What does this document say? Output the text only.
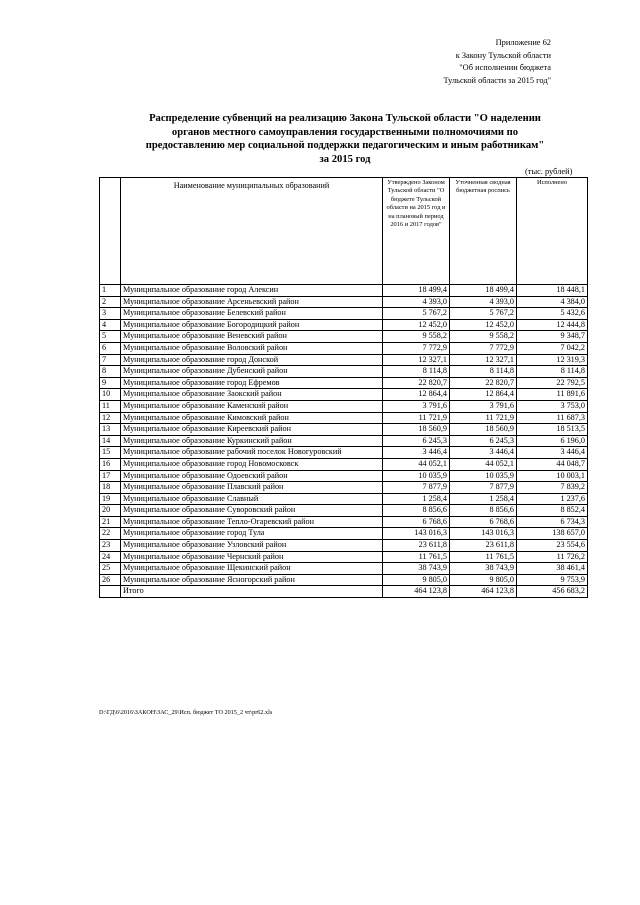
Приложение 62
к Закону Тульской области
"Об исполнении бюджета
Тульской области за 2015 год"
Распределение субвенций на реализацию Закона Тульской области "О наделении
органов местного самоуправления государственными полномочиями по
предоставлению мер социальной поддержки педагогическим и иным работникам"
за 2015 год
(тыс. рублей)
	Наименование муниципальных образований	Утверждено Законом Тульской области "О бюджете Тульской области на 2015 год и на плановый период 2016 и 2017 годов"	Уточненная сводная бюджетная роспись	Исполнено
1	Муниципальное образование город Алексин	18 499,4	18 499,4	18 448,1
2	Муниципальное образование Арсеньевский район	4 393,0	4 393,0	4 384,0
3	Муниципальное образование Белевский район	5 767,2	5 767,2	5 432,6
4	Муниципальное образование Богородицкий район	12 452,0	12 452,0	12 444,8
5	Муниципальное образование Веневский район	9 558,2	9 558,2	9 348,7
6	Муниципальное образование Воловский район	7 772,9	7 772,9	7 042,2
7	Муниципальное образование город Донской	12 327,1	12 327,1	12 319,3
8	Муниципальное образование Дубенский район	8 114,8	8 114,8	8 114,8
9	Муниципальное образование город Ефремов	22 820,7	22 820,7	22 792,5
10	Муниципальное образование Заокский район	12 864,4	12 864,4	11 891,6
11	Муниципальное образование Каменский район	3 791,6	3 791,6	3 753,0
12	Муниципальное образование Кимовский район	11 721,9	11 721,9	11 687,3
13	Муниципальное образование Киреевский район	18 560,9	18 560,9	18 513,5
14	Муниципальное образование Куркинский район	6 245,3	6 245,3	6 196,0
15	Муниципальное образование рабочий поселок Новогуровский	3 446,4	3 446,4	3 446,4
16	Муниципальное образование город Новомосковск	44 052,1	44 052,1	44 048,7
17	Муниципальное образование Одоевский район	10 035,9	10 035,9	10 003,1
18	Муниципальное образование Плавский район	7 877,9	7 877,9	7 839,2
19	Муниципальное образование Славный	1 258,4	1 258,4	1 237,6
20	Муниципальное образование Суворовский район	8 856,6	8 856,6	8 852,4
21	Муниципальное образование Тепло-Огаревский район	6 768,6	6 768,6	6 734,3
22	Муниципальное образование город Тула	143 016,3	143 016,3	138 657,0
23	Муниципальное образование Узловский район	23 611,8	23 611,8	23 554,6
24	Муниципальное образование Чернский район	11 761,5	11 761,5	11 726,2
25	Муниципальное образование Щекинский район	38 743,9	38 743,9	38 461,4
26	Муниципальное образование Ясногорский район	9 805,0	9 805,0	9 753,9
	Итого	464 123,8	464 123,8	456 683,2
D:\ГД\6\2016\ЗАКОН\ЗАС_29\Исп. бюджет ТО 2015_2 чт\рr62.xls
